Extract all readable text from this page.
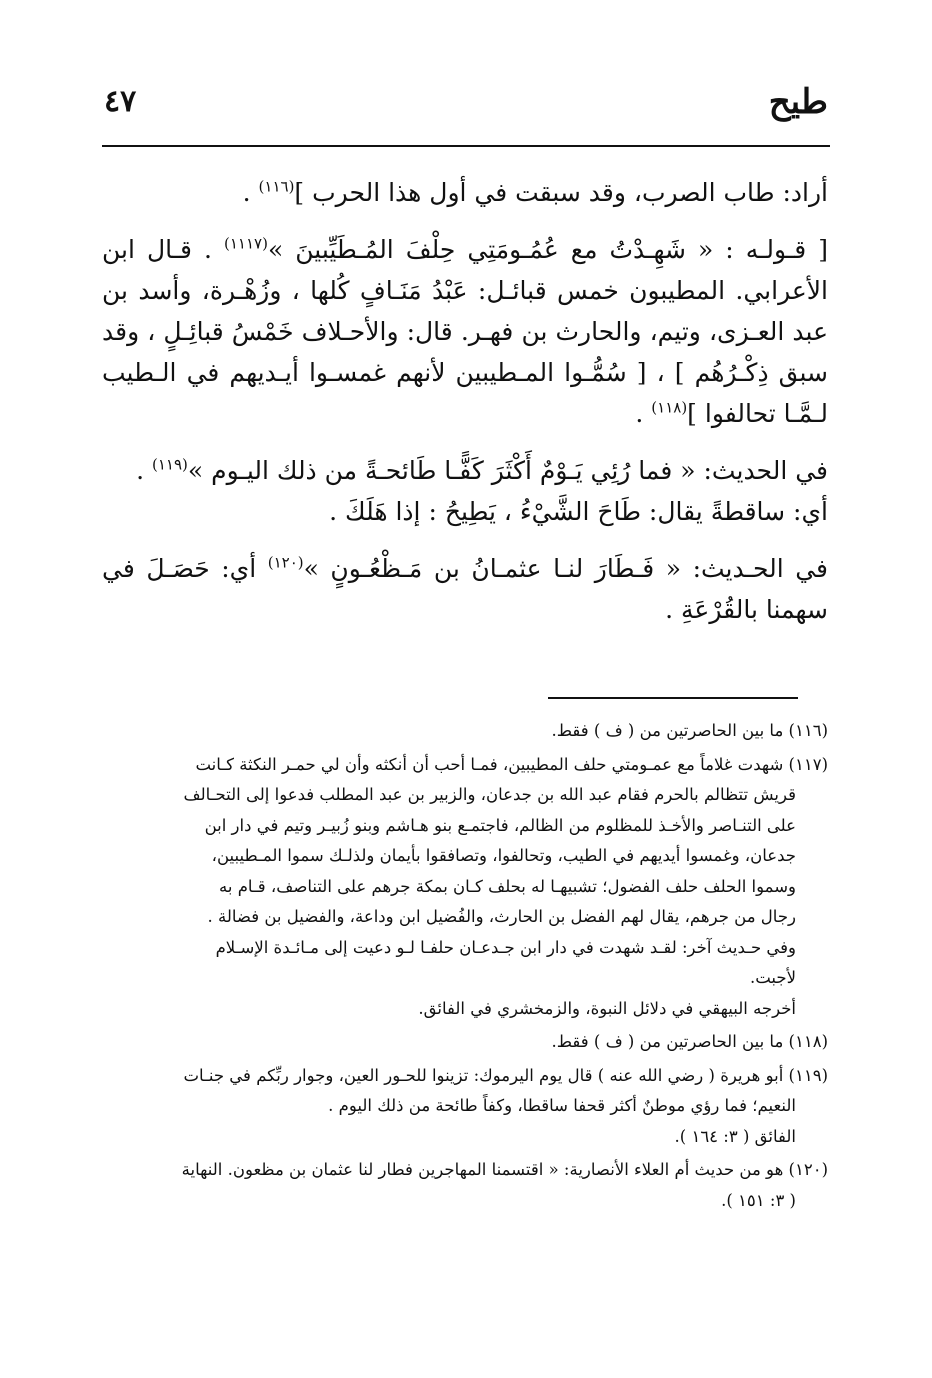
طيح
٤٧

أراد: طاب الصرب، وقد سبقت في أول هذا الحرب ]$^{(١١٦)}$ .

[ قـولـه : « شَهِـدْتُ مع عُمُـومَتِي حِلْفَ المُـطَيِّبينَ »$^{(١١١٧)}$ . قـال ابن الأعرابي. المطيبون خمس قبائـل: عَبْدُ مَنَـافٍ كُلها ، وزُهْـرة، وأسد بن عبد العـزى، وتيم، والحارث بن فهـر. قال: والأحـلاف خَمْسُ قبائِـلٍ ، وقد سبق ذِكْـرُهُم ] ، [ سُمُّـوا المـطيبين لأنهم غمسـوا أيـديهم في الـطيب لـمَّـا تحالفوا ]$^{(١١٨)}$ .

في الحديث: « فما رُئِي يَـوْمٌ أَكْثَرَ كَفًّـا طَائحـةً من ذلك اليـوم »$^{(١١٩)}$ .

أي: ساقطةً يقال: طَاحَ الشَّيْءُ ، يَطِيحُ : إذا هَلَكَ .

في الحـديث: « فَـطَارَ لنـا عثمـانُ بن مَـظْعُـونٍ »$^{(١٢٠)}$ أي: حَصَـلَ في سهمنا بالقُرْعَةِ .

(١١٦) ما بين الحاصرتين من ( ف ) فقط.
(١١٧) شهدت غلاماً مع عمـومتي حلف المطيبين، فمـا أحب أن أنكثه وأن لي حمـر النكثة كـانت
قريش تتظالم بالحرم فقام عبد الله بن جدعان، والزبير بن عبد المطلب فدعوا إلى التحـالف
على التنـاصر والأخـذ للمظلوم من الظالم، فاجتمـع بنو هـاشم وبنو زُبيـر وتيم في دار ابن
جدعان، وغمسوا أيديهم في الطيب، وتحالفوا، وتصافقوا بأيمان ولذلـك سموا المـطيبين،
وسموا الحلف حلف الفضول؛ تشبيهـا له بحلف كـان بمكة جرهم على التناصف، قـام به
رجال من جرهم، يقال لهم الفضل بن الحارث، والفُضيل ابن وداعة، والفضيل بن فضالة .
وفي حـديث آخر: لقـد شهدت في دار ابن جـدعـان حلفـا لـو دعيت إلى مـائـدة الإسـلام
لأجبت.
أخرجه البيهقي في دلائل النبوة، والزمخشري في الفائق.
(١١٨) ما بين الحاصرتين من ( ف ) فقط.
(١١٩) أبو هريرة ( رضي الله عنه ) قال يوم اليرموك: تزينوا للحـور العين، وجوار ربِّكم في جنـات
النعيم؛ فما رؤي موطنٌ أكثر قحفا ساقطا، وكفاً طائحة من ذلك اليوم .
الفائق ( ٣: ١٦٤ ).
(١٢٠) هو من حديث أم العلاء الأنصارية: « اقتسمنا المهاجرين فطار لنا عثمان بن مظعون. النهاية
( ٣: ١٥١ ).
